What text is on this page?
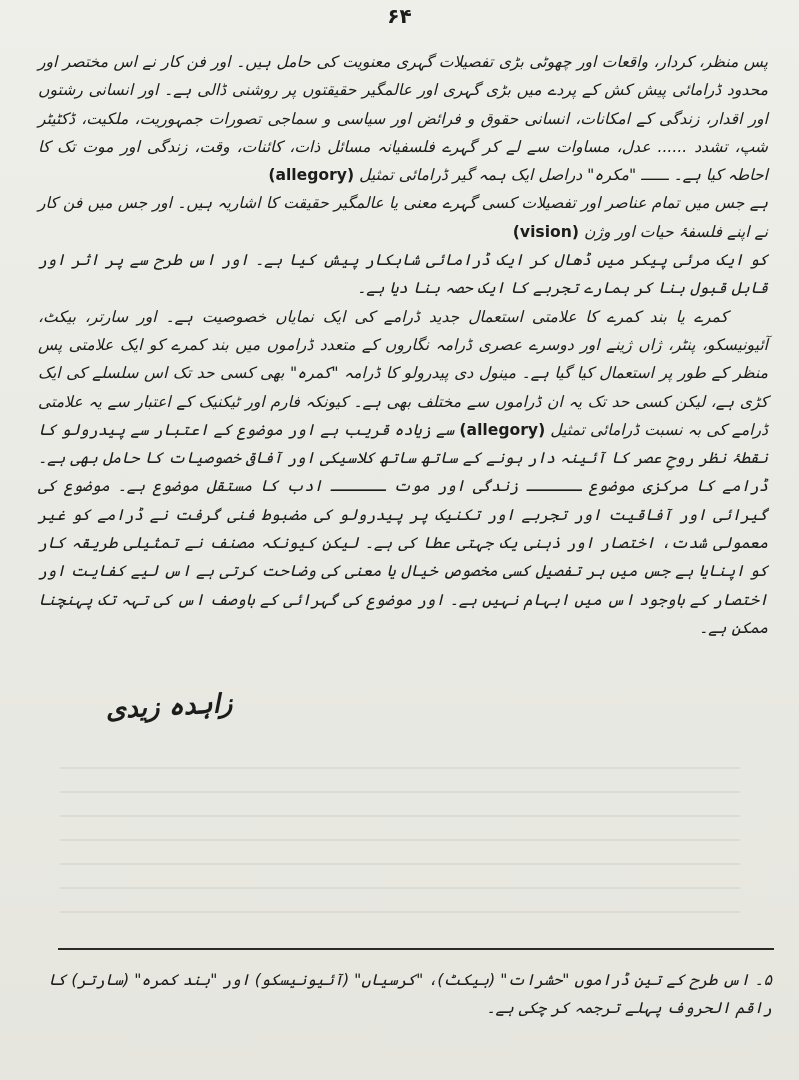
۶۴

پس منظر، کردار، واقعات اور چھوٹی بڑی تفصیلات گہری معنویت کی حامل ہیں۔ اور فن کار نے اس مختصر اور محدود ڈرامائی پیش کش کے پردے میں بڑی گہری اور عالمگیر حقیقتوں پر روشنی ڈالی ہے۔ اور انسانی رشتوں اور اقدار، زندگی کے امکانات، انسانی حقوق و فرائض اور سیاسی و سماجی تصورات جمہوریت، ملکیت، ڈکٹیٹر شپ، تشدد ...... عدل، مساوات سے لے کر گہرے فلسفیانہ مسائل ذات، کائنات، وقت، زندگی اور موت تک کا احاطہ کیا ہے۔ ــــــ "مکرہ" دراصل ایک ہمہ گیر ڈرامائی تمثیل (allegory)

ہے جس میں تمام عناصر اور تفصیلات کسی گہرے معنی یا عالمگیر حقیقت کا اشاریہ ہیں۔ اور جس میں فن کار نے اپنے فلسفۂ حیات اور وژن (vision)

کو ایک مرئی پیکر میں ڈھال کر ایک ڈرامائی شاہکار پیش کیا ہے۔ اور اس طرح سے پر اثر اور قابل قبول بنا کر ہمارے تجربے کا ایک حصہ بنا دیا ہے۔

کمرے یا بند کمرے کا علامتی استعمال جدید ڈرامے کی ایک نمایاں خصوصیت ہے۔ اور سارتر، بیکٹ، آئیونیسکو، پنٹر، ژاں ژینے اور دوسرے عصری ڈرامہ نگاروں کے متعدد ڈراموں میں بند کمرے کو ایک علامتی پس منظر کے طور پر استعمال کیا گیا ہے۔ مینول دی پیدرولو کا ڈرامہ "کمرہ" بھی کسی حد تک اس سلسلے کی ایک کڑی ہے، لیکن کسی حد تک یہ ان ڈراموں سے مختلف بھی ہے۔ کیونکہ فارم اور ٹیکنیک کے اعتبار سے یہ علامتی ڈرامے کی بہ نسبت ڈرامائی تمثیل (allegory) سے زیادہ قریب ہے اور موضوع کے اعتبار سے پیدرولو کا نقطۂ نظر روحِ عصر کا آئینہ دار ہونے کے ساتھ ساتھ کلاسیکی اور آفاقی خصوصیات کا حامل بھی ہے۔ ڈرامے کا مرکزی موضوع ــــــ زندگی اور موت ــــــ ادب کا مستقل موضوع ہے۔ موضوع کی گیرائی اور آفاقیت اور تجربے اور تکنیک پر پیدرولو کی مضبوط فنی گرفت نے ڈرامے کو غیر معمولی شدت، اختصار اور ذہنی یک جہتی عطا کی ہے۔ لیکن کیونکہ مصنف نے تمثیلی طریقہ کار کو اپنایا ہے جس میں ہر تفصیل کسی مخصوص خیال یا معنی کی وضاحت کرتی ہے اس لیے کفایت اور اختصار کے باوجود اس میں ابہام نہیں ہے۔ اور موضوع کی گہرائی کے باوصف اس کی تہہ تک پہنچنا ممکن ہے۔

زاہدہ زیدی
۵۔ اس طرح کے تین ڈراموں "حشرات" (بیکٹ)، "کرسیاں" (آئیونیسکو) اور "بند کمرہ" (سارتر) کا راقم الحروف پہلے ترجمہ کر چکی ہے۔
